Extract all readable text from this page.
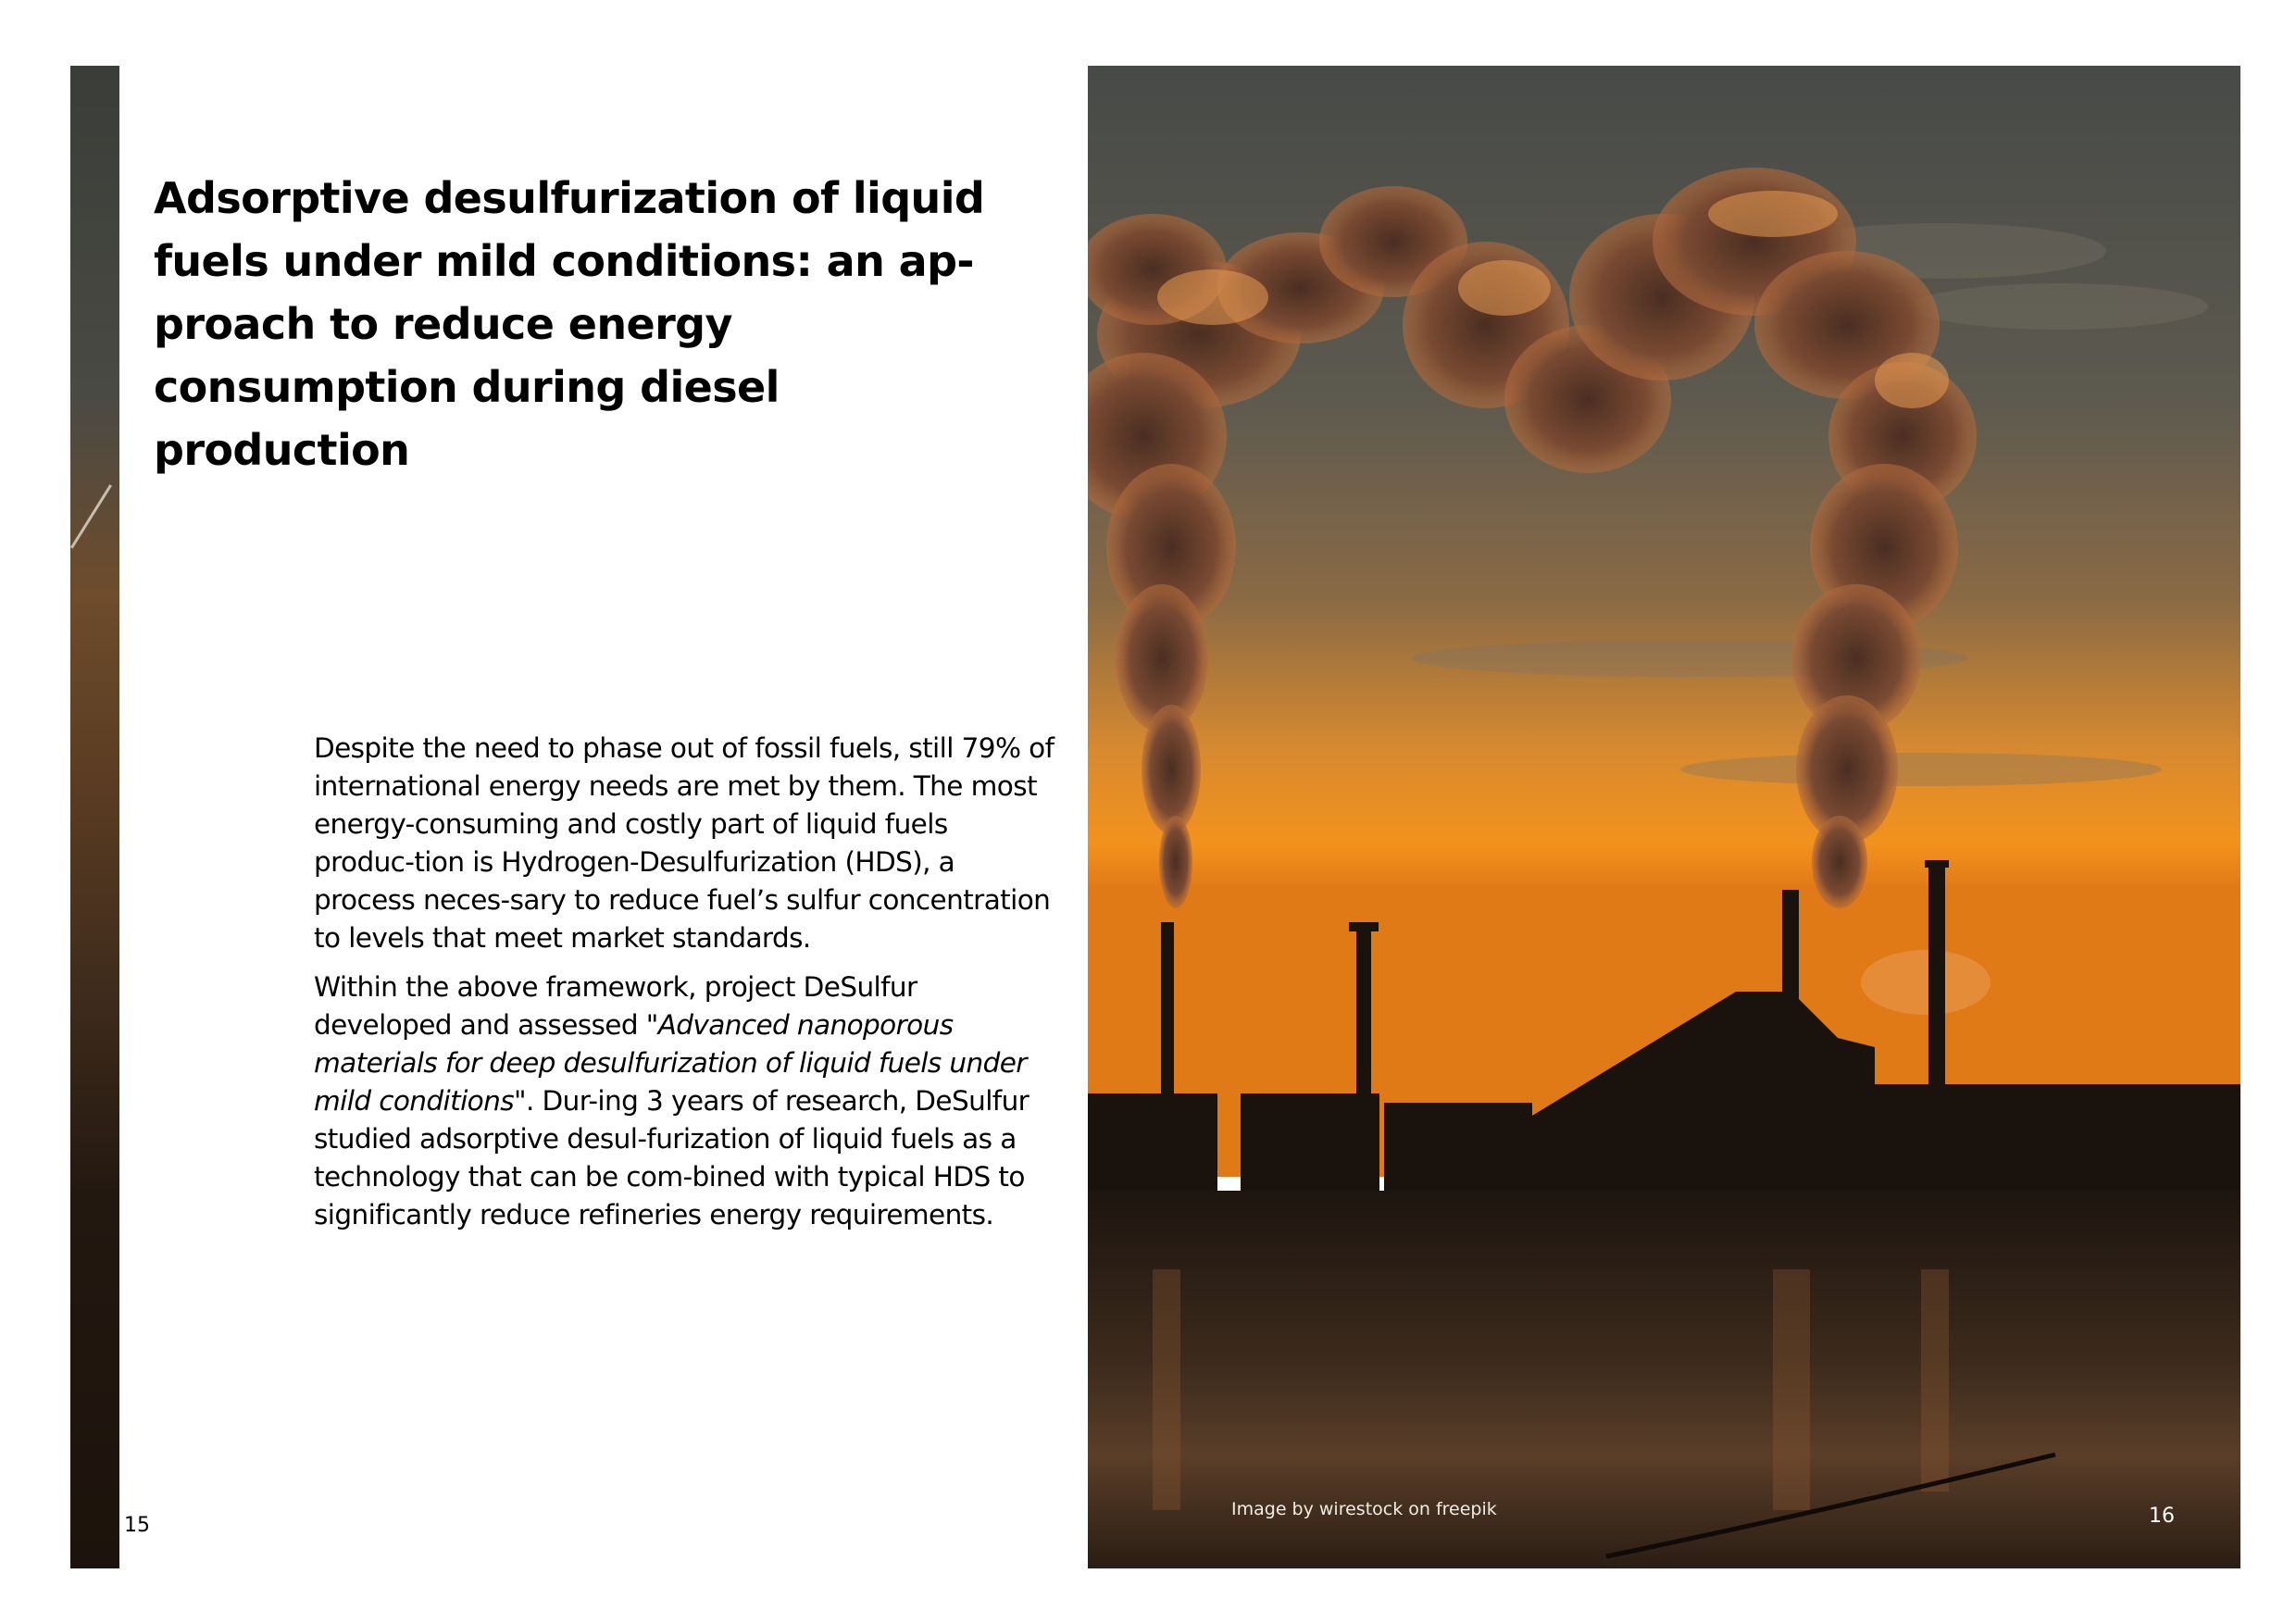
Adsorptive desulfurization of liquid fuels under mild conditions: an ap-proach to reduce energy consumption during diesel production

Despite the need to phase out of fossil fuels, still 79% of international energy needs are met by them. The most energy-consuming and costly part of liquid fuels produc-tion is Hydrogen-Desulfurization (HDS), a process neces-sary to reduce fuel’s sulfur concentration to levels that meet market standards.

Within the above framework, project DeSulfur developed and assessed "Advanced nanoporous materials for deep desulfurization of liquid fuels under mild conditions". Dur-ing 3 years of research, DeSulfur studied adsorptive desul-furization of liquid fuels as a technology that can be com-bined with typical HDS to significantly reduce refineries energy requirements.

15
Image by wirestock on freepik	16
